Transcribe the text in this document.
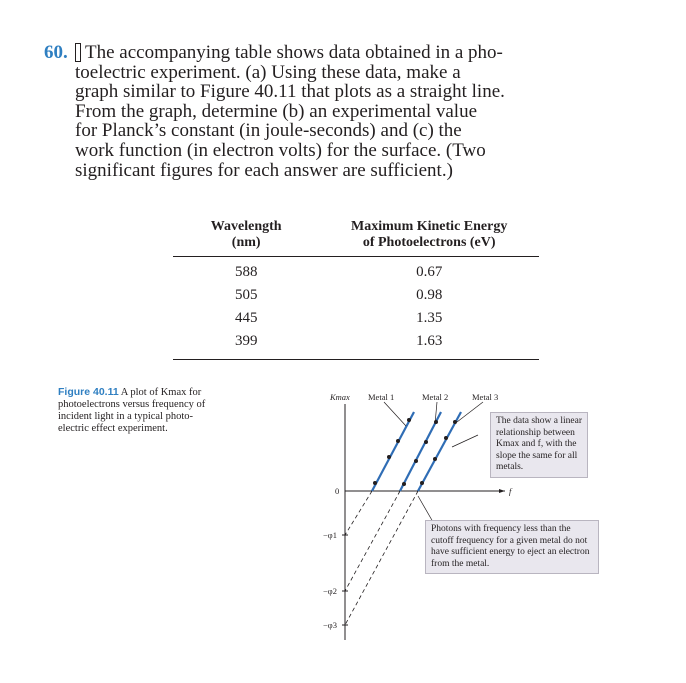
60. The accompanying table shows data obtained in a pho-
toelectric experiment. (a) Using these data, make a
graph similar to Figure 40.11 that plots as a straight line.
From the graph, determine (b) an experimental value
for Planck’s constant (in joule-seconds) and (c) the
work function (in electron volts) for the surface. (Two
significant figures for each answer are sufficient.)
Wavelength
(nm)	Maximum Kinetic Energy
of Photoelectrons (eV)
588	0.67
505	0.98
445	1.35
399	1.63
Figure 40.11 A plot of Kmax for photoelectrons versus frequency of incident light in a typical photo-electric effect experiment.
Kmax
f
0
−φ1
−φ2
−φ3
Metal 1	Metal 2	Metal 3
The data show a linear relationship between Kmax and f, with the slope the same for all metals.
Photons with frequency less than the cutoff frequency for a given metal do not have sufficient energy to eject an electron from the metal.
